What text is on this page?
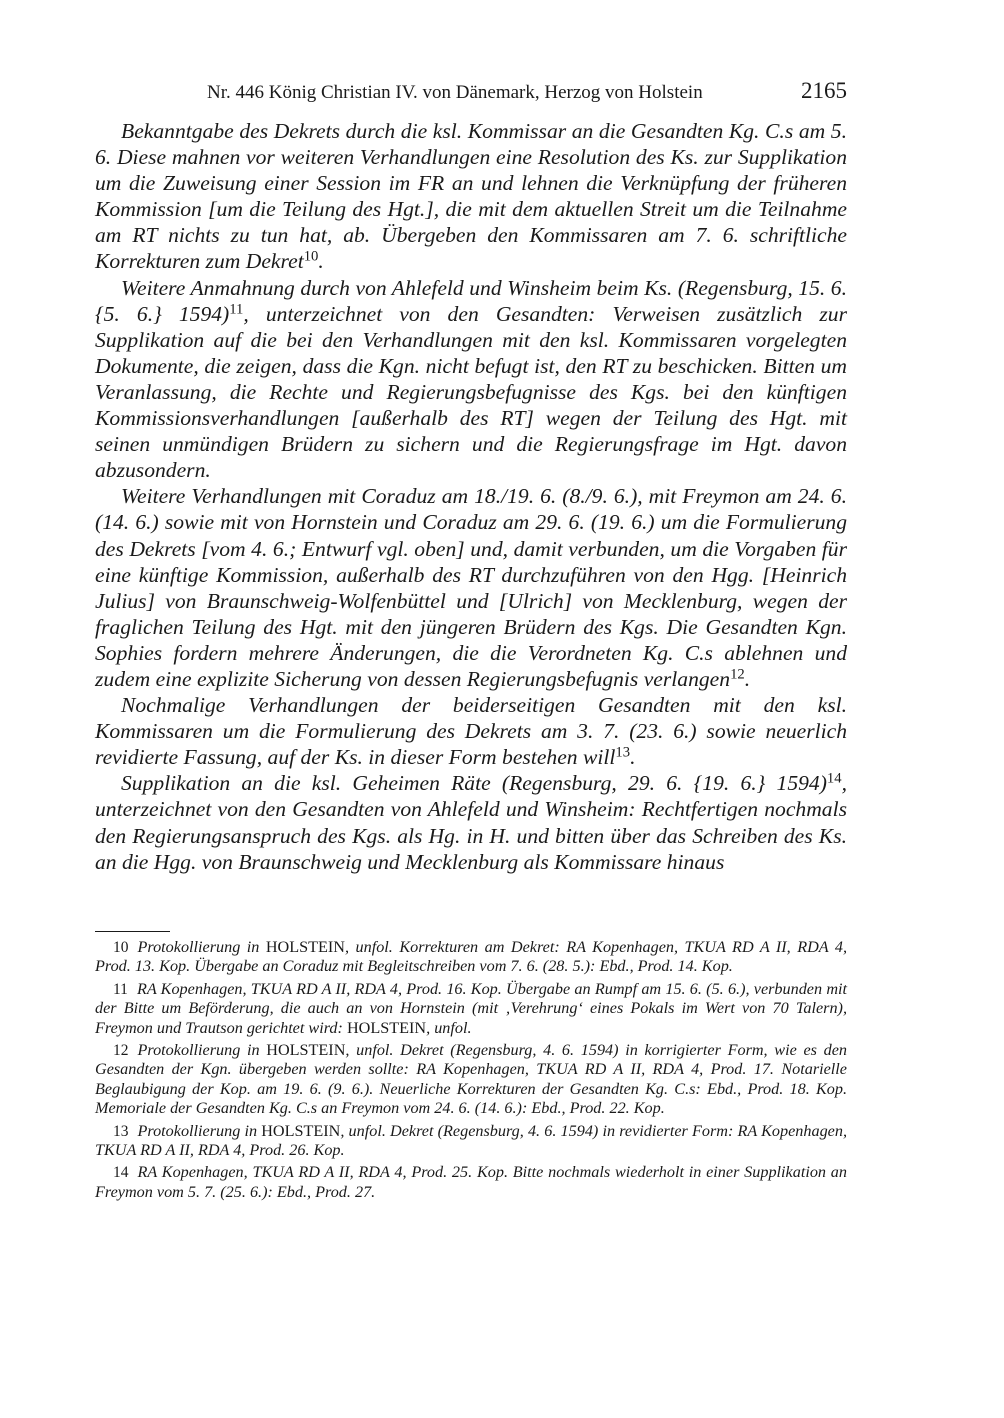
Nr. 446 König Christian IV. von Dänemark, Herzog von Holstein	2165

Bekanntgabe des Dekrets durch die ksl. Kommissar an die Gesandten Kg. C.s am 5. 6. Diese mahnen vor weiteren Verhandlungen eine Resolution des Ks. zur Supplikation um die Zuweisung einer Session im FR an und lehnen die Verknüpfung der früheren Kommission [um die Teilung des Hgt.], die mit dem aktuellen Streit um die Teilnahme am RT nichts zu tun hat, ab. Übergeben den Kommissaren am 7. 6. schriftliche Korrekturen zum Dekret$^{10}$.

Weitere Anmahnung durch von Ahlefeld und Winsheim beim Ks. (Regensburg, 15. 6. {5. 6.} 1594)$^{11}$, unterzeichnet von den Gesandten: Verweisen zusätzlich zur Supplikation auf die bei den Verhandlungen mit den ksl. Kommissaren vorgelegten Dokumente, die zeigen, dass die Kgn. nicht befugt ist, den RT zu beschicken. Bitten um Veranlassung, die Rechte und Regierungsbefugnisse des Kgs. bei den künftigen Kommissionsverhandlungen [außerhalb des RT] wegen der Teilung des Hgt. mit seinen unmündigen Brüdern zu sichern und die Regierungsfrage im Hgt. davon abzusondern.

Weitere Verhandlungen mit Coraduz am 18./19. 6. (8./9. 6.), mit Freymon am 24. 6. (14. 6.) sowie mit von Hornstein und Coraduz am 29. 6. (19. 6.) um die Formulierung des Dekrets [vom 4. 6.; Entwurf vgl. oben] und, damit verbunden, um die Vorgaben für eine künftige Kommission, außerhalb des RT durchzuführen von den Hgg. [Heinrich Julius] von Braunschweig-Wolfenbüttel und [Ulrich] von Mecklenburg, wegen der fraglichen Teilung des Hgt. mit den jüngeren Brüdern des Kgs. Die Gesandten Kgn. Sophies fordern mehrere Änderungen, die die Verordneten Kg. C.s ablehnen und zudem eine explizite Sicherung von dessen Regierungsbefugnis verlangen$^{12}$.

Nochmalige Verhandlungen der beiderseitigen Gesandten mit den ksl. Kommissaren um die Formulierung des Dekrets am 3. 7. (23. 6.) sowie neuerlich revidierte Fassung, auf der Ks. in dieser Form bestehen will$^{13}$.

Supplikation an die ksl. Geheimen Räte (Regensburg, 29. 6. {19. 6.} 1594)$^{14}$, unterzeichnet von den Gesandten von Ahlefeld und Winsheim: Rechtfertigen nochmals den Regierungsanspruch des Kgs. als Hg. in H. und bitten über das Schreiben des Ks. an die Hgg. von Braunschweig und Mecklenburg als Kommissare hinaus

10 Protokollierung in HOLSTEIN, unfol. Korrekturen am Dekret: RA Kopenhagen, TKUA RD A II, RDA 4, Prod. 13. Kop. Übergabe an Coraduz mit Begleitschreiben vom 7. 6. (28. 5.): Ebd., Prod. 14. Kop.

11 RA Kopenhagen, TKUA RD A II, RDA 4, Prod. 16. Kop. Übergabe an Rumpf am 15. 6. (5. 6.), verbunden mit der Bitte um Beförderung, die auch an von Hornstein (mit ‚Verehrung‘ eines Pokals im Wert von 70 Talern), Freymon und Trautson gerichtet wird: HOLSTEIN, unfol.

12 Protokollierung in HOLSTEIN, unfol. Dekret (Regensburg, 4. 6. 1594) in korrigierter Form, wie es den Gesandten der Kgn. übergeben werden sollte: RA Kopenhagen, TKUA RD A II, RDA 4, Prod. 17. Notarielle Beglaubigung der Kop. am 19. 6. (9. 6.). Neuerliche Korrekturen der Gesandten Kg. C.s: Ebd., Prod. 18. Kop. Memoriale der Gesandten Kg. C.s an Freymon vom 24. 6. (14. 6.): Ebd., Prod. 22. Kop.

13 Protokollierung in HOLSTEIN, unfol. Dekret (Regensburg, 4. 6. 1594) in revidierter Form: RA Kopenhagen, TKUA RD A II, RDA 4, Prod. 26. Kop.

14 RA Kopenhagen, TKUA RD A II, RDA 4, Prod. 25. Kop. Bitte nochmals wiederholt in einer Supplikation an Freymon vom 5. 7. (25. 6.): Ebd., Prod. 27.
